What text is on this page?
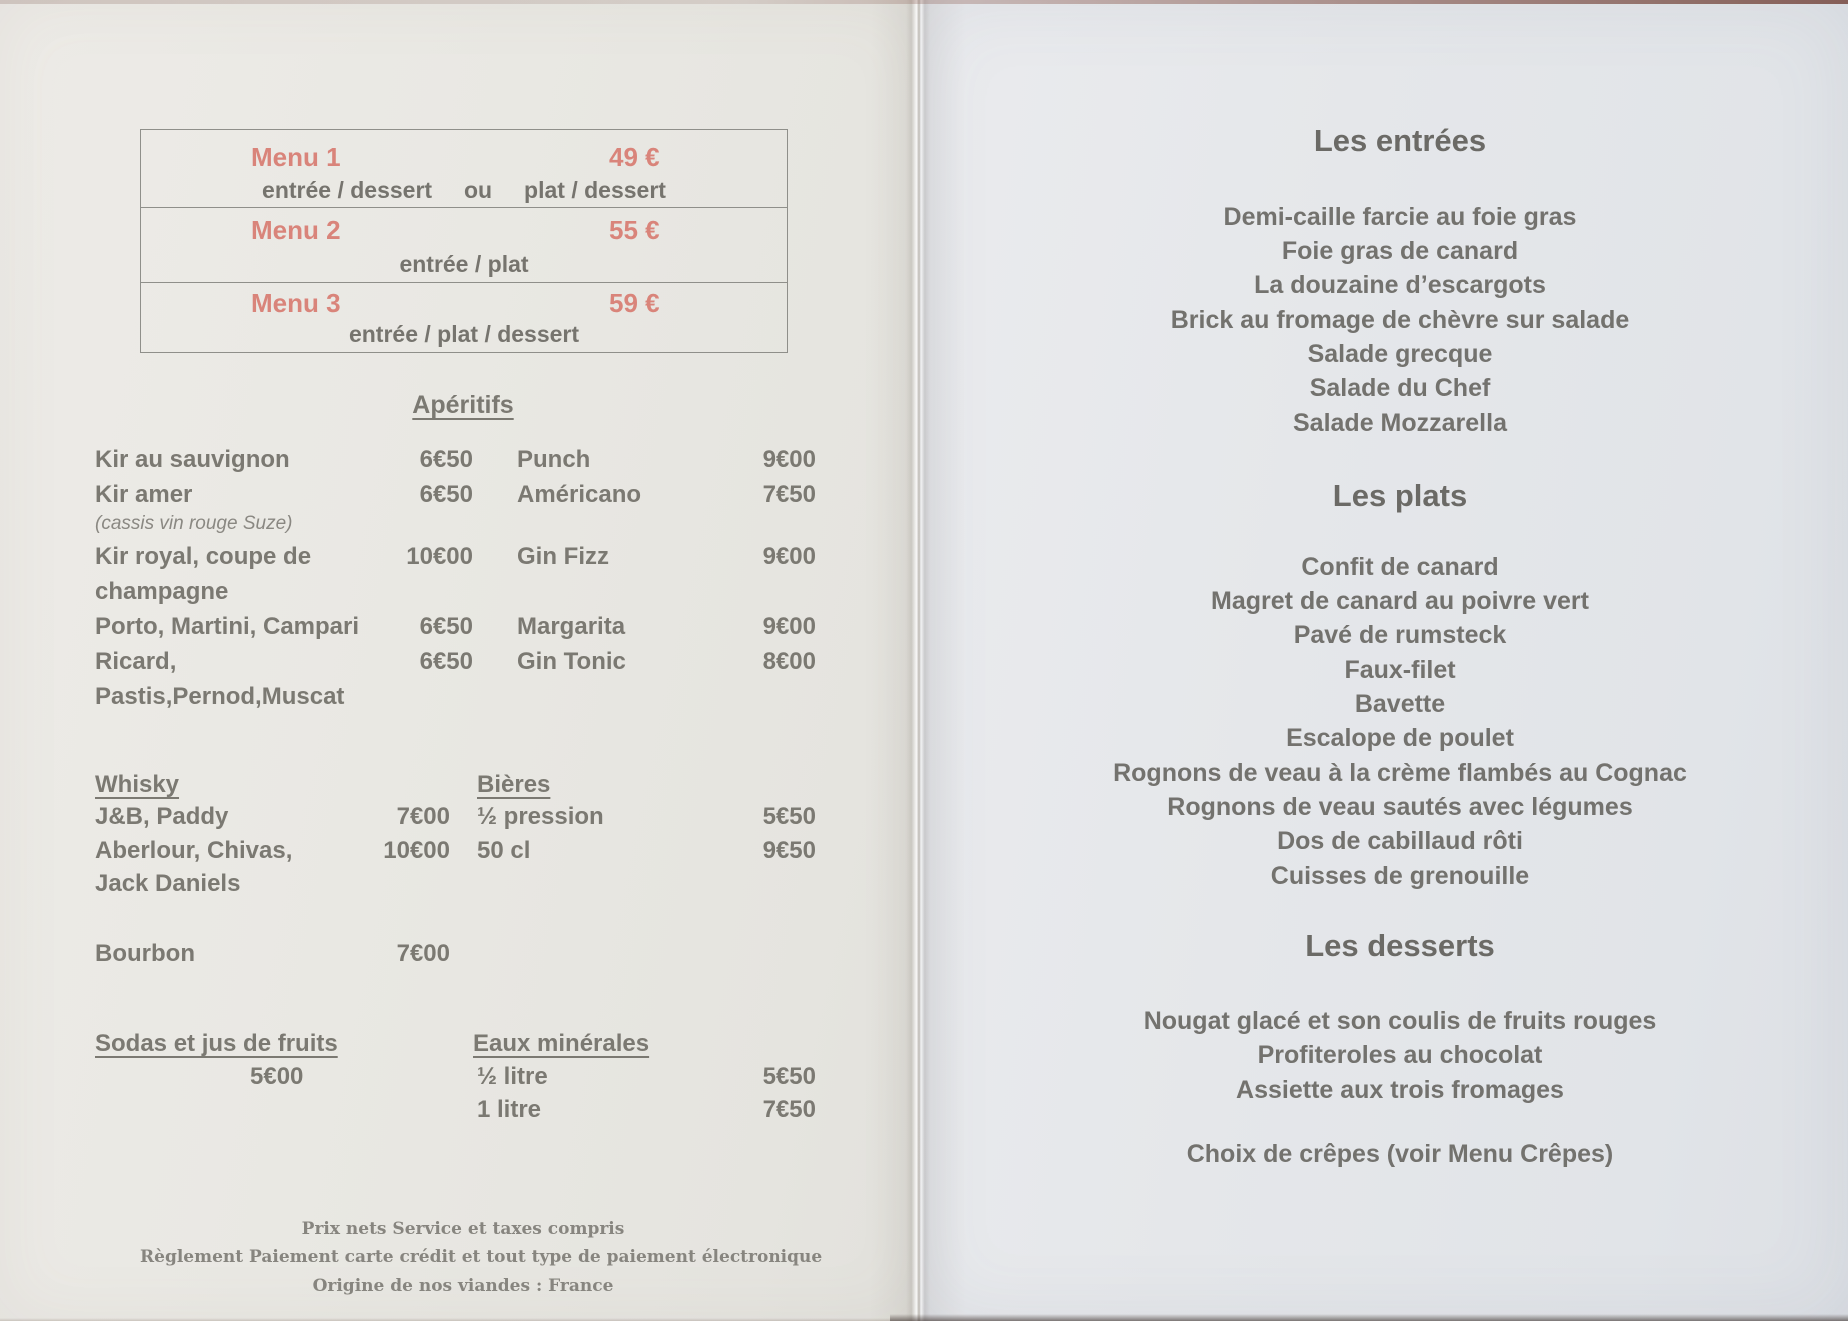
Menu 1	49 €
entrée / dessert     ou     plat / dessert
Menu 2	55 €
entrée / plat
Menu 3	59 €
entrée / plat / dessert
Apéritifs
Kir au sauvignon	6€50 Punch	9€00
Kir amer	6€50 Américano	7€50
(cassis vin rouge Suze)
Kir royal, coupe de	10€00 Gin Fizz	9€00
champagne
Porto, Martini, Campari	6€50 Margarita	9€00
Ricard,	6€50 Gin Tonic	8€00
Pastis,Pernod,Muscat
Whisky	Bières
J&B, Paddy	7€00 ½ pression	5€50
Aberlour, Chivas,	10€00 50 cl	9€50
Jack Daniels
Bourbon	7€00
Sodas et jus de fruits	Eaux minérales
5€00	½ litre	5€50
1 litre	7€50
Prix nets Service et taxes compris
Règlement Paiement carte crédit et tout type de paiement électronique
Origine de nos viandes : France
Les entrées
Demi-caille farcie au foie gras
Foie gras de canard
La douzaine d’escargots
Brick au fromage de chèvre sur salade
Salade grecque
Salade du Chef
Salade Mozzarella
Les plats
Confit de canard
Magret de canard au poivre vert
Pavé de rumsteck
Faux-filet
Bavette
Escalope de poulet
Rognons de veau à la crème flambés au Cognac
Rognons de veau sautés avec légumes
Dos de cabillaud rôti
Cuisses de grenouille
Les desserts
Nougat glacé et son coulis de fruits rouges
Profiteroles au chocolat
Assiette aux trois fromages
Choix de crêpes (voir Menu Crêpes)
